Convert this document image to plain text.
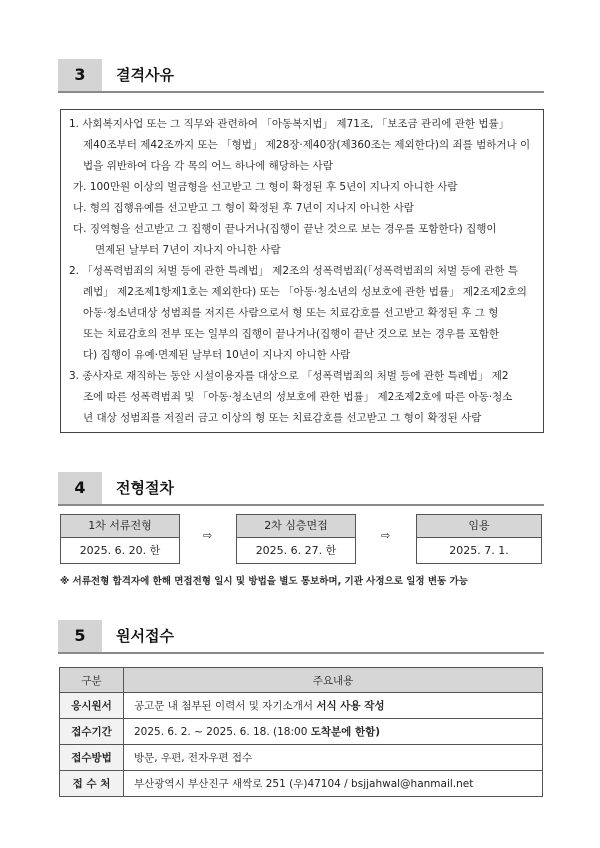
3	결격사유
1. 사회복지사업 또는 그 직무와 관련하여 「아동복지법」 제71조, 「보조금 관리에 관한 법률」
제40조부터 제42조까지 또는 「형법」 제28장·제40장(제360조는 제외한다)의 죄를 범하거나 이
법을 위반하여 다음 각 목의 어느 하나에 해당하는 사람
가. 100만원 이상의 벌금형을 선고받고 그 형이 확정된 후 5년이 지나지 아니한 사람
나. 형의 집행유예를 선고받고 그 형이 확정된 후 7년이 지나지 아니한 사람
다. 징역형을 선고받고 그 집행이 끝나거나(집행이 끝난 것으로 보는 경우를 포함한다) 집행이
면제된 날부터 7년이 지나지 아니한 사람
2. 「성폭력범죄의 처벌 등에 관한 특례법」 제2조의 성폭력범죄(「성폭력범죄의 처벌 등에 관한 특
례법」 제2조제1항제1호는 제외한다) 또는 「아동·청소년의 성보호에 관한 법률」 제2조제2호의
아동·청소년대상 성범죄를 저지른 사람으로서 형 또는 치료감호를 선고받고 확정된 후 그 형
또는 치료감호의 전부 또는 일부의 집행이 끝나거나(집행이 끝난 것으로 보는 경우를 포함한
다) 집행이 유예·면제된 날부터 10년이 지나지 아니한 사람
3. 종사자로 재직하는 동안 시설이용자를 대상으로 「성폭력범죄의 처벌 등에 관한 특례법」 제2
조에 따른 성폭력범죄 및 「아동·청소년의 성보호에 관한 법률」 제2조제2호에 따른 아동·청소
년 대상 성범죄를 저질러 금고 이상의 형 또는 치료감호를 선고받고 그 형이 확정된 사람
4	전형절차
1차 서류전형
2025. 6. 20. 한
⇨
2차 심층면접
2025. 6. 27. 한
⇨
임용
2025. 7. 1.
※ 서류전형 합격자에 한해 면접전형 일시 및 방법을 별도 통보하며, 기관 사정으로 일정 변동 가능
5	원서접수
구분	주요내용
응시원서	공고문 내 첨부된 이력서 및 자기소개서 서식 사용 작성
접수기간	2025. 6. 2. ~ 2025. 6. 18. (18:00 도착분에 한함)
접수방법	방문, 우편, 전자우편 접수
접 수 처	부산광역시 부산진구 새싹로 251 (우)47104 / bsjjahwal@hanmail.net
